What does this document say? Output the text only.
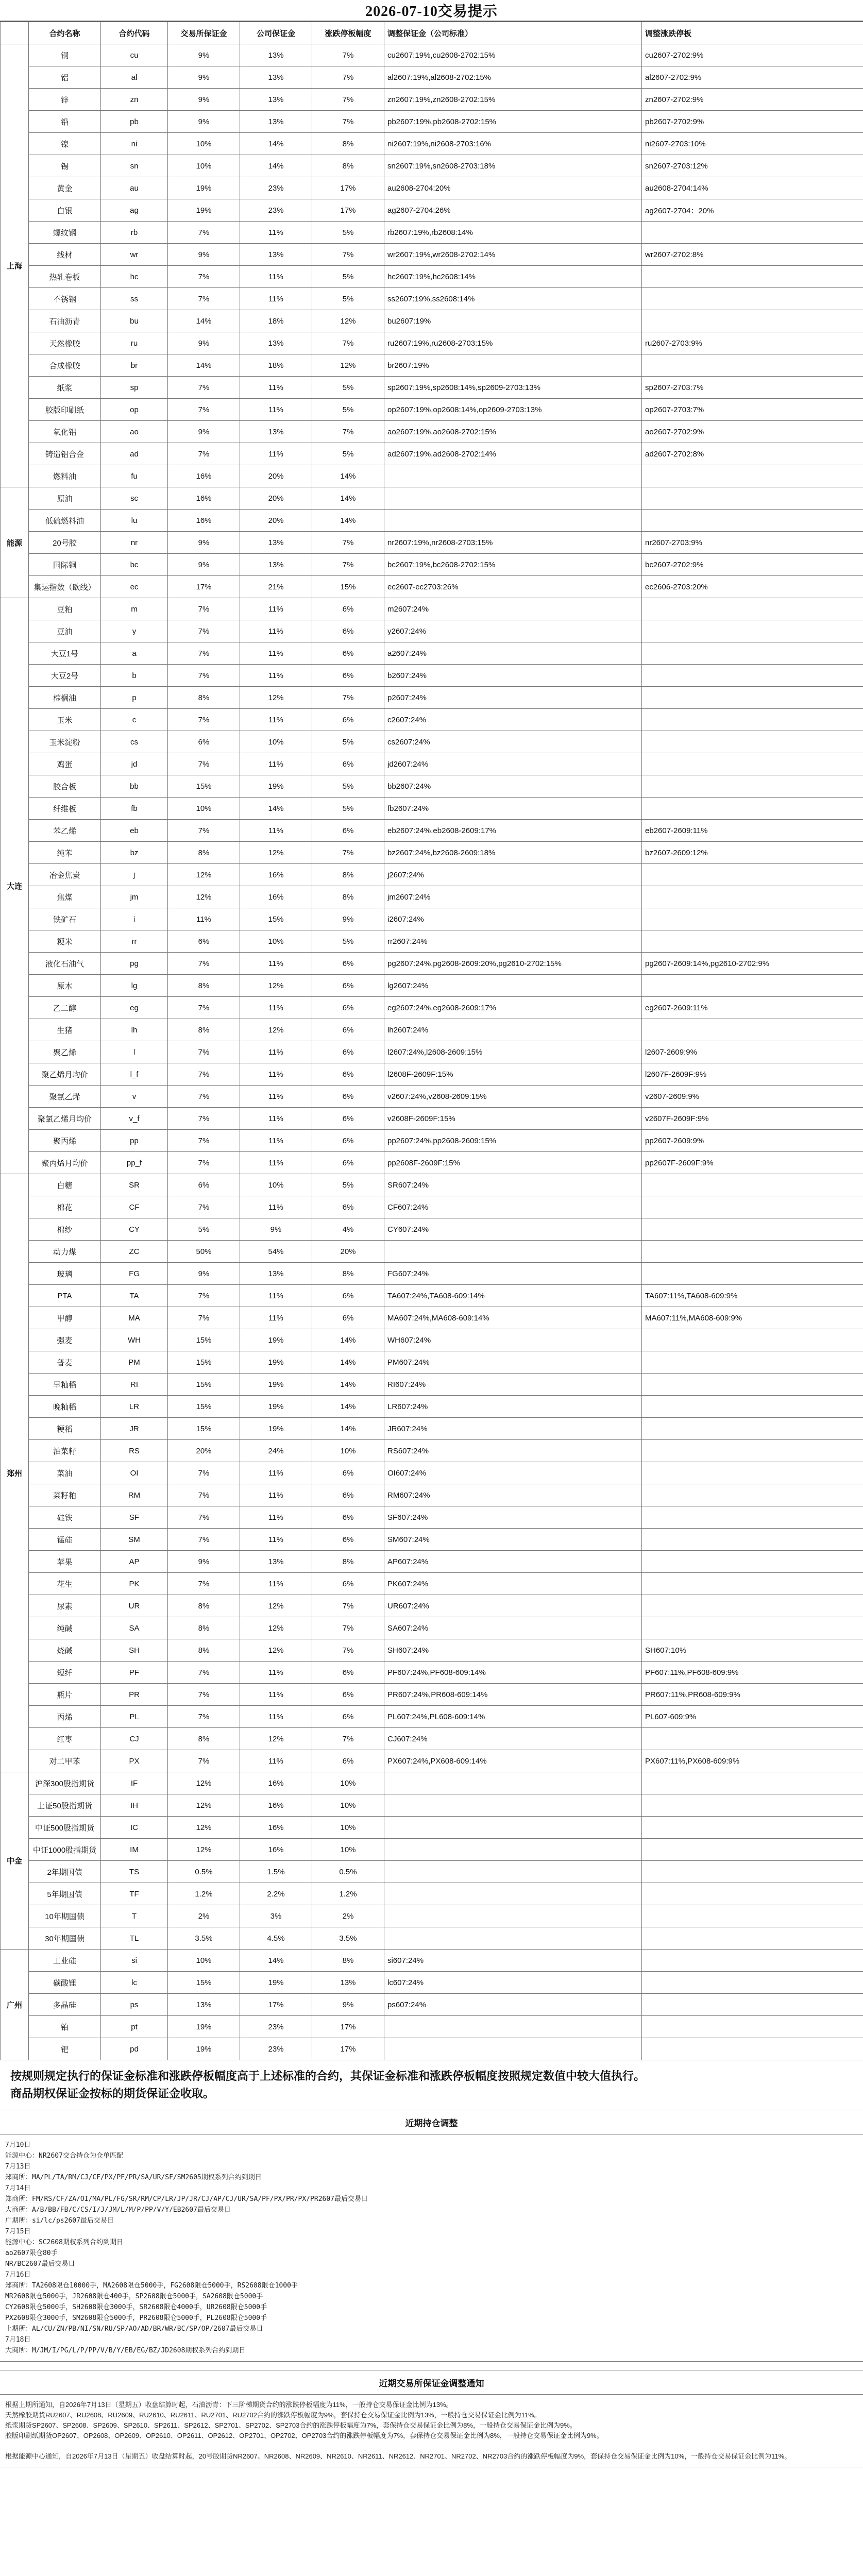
2026-07-10交易提示
	合约名称	合约代码	交易所保证金	公司保证金	涨跌停板幅度	调整保证金（公司标准）	调整涨跌停板
上海	铜	cu	9%	13%	7%	cu2607:19%,cu2608-2702:15%	cu2607-2702:9%
	铝	al	9%	13%	7%	al2607:19%,al2608-2702:15%	al2607-2702:9%
	锌	zn	9%	13%	7%	zn2607:19%,zn2608-2702:15%	zn2607-2702:9%
	铅	pb	9%	13%	7%	pb2607:19%,pb2608-2702:15%	pb2607-2702:9%
	镍	ni	10%	14%	8%	ni2607:19%,ni2608-2703:16%	ni2607-2703:10%
	锡	sn	10%	14%	8%	sn2607:19%,sn2608-2703:18%	sn2607-2703:12%
	黄金	au	19%	23%	17%	au2608-2704:20%	au2608-2704:14%
	白银	ag	19%	23%	17%	ag2607-2704:26%	ag2607-2704：20%
	螺纹钢	rb	7%	11%	5%	rb2607:19%,rb2608:14%	
	线材	wr	9%	13%	7%	wr2607:19%,wr2608-2702:14%	wr2607-2702:8%
	热轧卷板	hc	7%	11%	5%	hc2607:19%,hc2608:14%	
	不锈钢	ss	7%	11%	5%	ss2607:19%,ss2608:14%	
	石油沥青	bu	14%	18%	12%	bu2607:19%	
	天然橡胶	ru	9%	13%	7%	ru2607:19%,ru2608-2703:15%	ru2607-2703:9%
	合成橡胶	br	14%	18%	12%	br2607:19%	
	纸浆	sp	7%	11%	5%	sp2607:19%,sp2608:14%,sp2609-2703:13%	sp2607-2703:7%
	胶版印刷纸	op	7%	11%	5%	op2607:19%,op2608:14%,op2609-2703:13%	op2607-2703:7%
	氧化铝	ao	9%	13%	7%	ao2607:19%,ao2608-2702:15%	ao2607-2702:9%
	铸造铝合金	ad	7%	11%	5%	ad2607:19%,ad2608-2702:14%	ad2607-2702:8%
	燃料油	fu	16%	20%	14%		
能源	原油	sc	16%	20%	14%		
	低硫燃料油	lu	16%	20%	14%		
	20号胶	nr	9%	13%	7%	nr2607:19%,nr2608-2703:15%	nr2607-2703:9%
	国际铜	bc	9%	13%	7%	bc2607:19%,bc2608-2702:15%	bc2607-2702:9%
	集运指数（欧线）	ec	17%	21%	15%	ec2607-ec2703:26%	ec2606-2703:20%
大连	豆粕	m	7%	11%	6%	m2607:24%	
	豆油	y	7%	11%	6%	y2607:24%	
	大豆1号	a	7%	11%	6%	a2607:24%	
	大豆2号	b	7%	11%	6%	b2607:24%	
	棕榈油	p	8%	12%	7%	p2607:24%	
	玉米	c	7%	11%	6%	c2607:24%	
	玉米淀粉	cs	6%	10%	5%	cs2607:24%	
	鸡蛋	jd	7%	11%	6%	jd2607:24%	
	胶合板	bb	15%	19%	5%	bb2607:24%	
	纤维板	fb	10%	14%	5%	fb2607:24%	
	苯乙烯	eb	7%	11%	6%	eb2607:24%,eb2608-2609:17%	eb2607-2609:11%
	纯苯	bz	8%	12%	7%	bz2607:24%,bz2608-2609:18%	bz2607-2609:12%
	冶金焦炭	j	12%	16%	8%	j2607:24%	
	焦煤	jm	12%	16%	8%	jm2607:24%	
	铁矿石	i	11%	15%	9%	i2607:24%	
	粳米	rr	6%	10%	5%	rr2607:24%	
	液化石油气	pg	7%	11%	6%	pg2607:24%,pg2608-2609:20%,pg2610-2702:15%	pg2607-2609:14%,pg2610-2702:9%
	原木	lg	8%	12%	6%	lg2607:24%	
	乙二醇	eg	7%	11%	6%	eg2607:24%,eg2608-2609:17%	eg2607-2609:11%
	生猪	lh	8%	12%	6%	lh2607:24%	
	聚乙烯	l	7%	11%	6%	l2607:24%,l2608-2609:15%	l2607-2609:9%
	聚乙烯月均价	l_f	7%	11%	6%	l2608F-2609F:15%	l2607F-2609F:9%
	聚氯乙烯	v	7%	11%	6%	v2607:24%,v2608-2609:15%	v2607-2609:9%
	聚氯乙烯月均价	v_f	7%	11%	6%	v2608F-2609F:15%	v2607F-2609F:9%
	聚丙烯	pp	7%	11%	6%	pp2607:24%,pp2608-2609:15%	pp2607-2609:9%
	聚丙烯月均价	pp_f	7%	11%	6%	pp2608F-2609F:15%	pp2607F-2609F:9%
郑州	白糖	SR	6%	10%	5%	SR607:24%	
	棉花	CF	7%	11%	6%	CF607:24%	
	棉纱	CY	5%	9%	4%	CY607:24%	
	动力煤	ZC	50%	54%	20%		
	玻璃	FG	9%	13%	8%	FG607:24%	
	PTA	TA	7%	11%	6%	TA607:24%,TA608-609:14%	TA607:11%,TA608-609:9%
	甲醇	MA	7%	11%	6%	MA607:24%,MA608-609:14%	MA607:11%,MA608-609:9%
	强麦	WH	15%	19%	14%	WH607:24%	
	普麦	PM	15%	19%	14%	PM607:24%	
	早籼稻	RI	15%	19%	14%	RI607:24%	
	晚籼稻	LR	15%	19%	14%	LR607:24%	
	粳稻	JR	15%	19%	14%	JR607:24%	
	油菜籽	RS	20%	24%	10%	RS607:24%	
	菜油	OI	7%	11%	6%	OI607:24%	
	菜籽粕	RM	7%	11%	6%	RM607:24%	
	硅铁	SF	7%	11%	6%	SF607:24%	
	锰硅	SM	7%	11%	6%	SM607:24%	
	苹果	AP	9%	13%	8%	AP607:24%	
	花生	PK	7%	11%	6%	PK607:24%	
	尿素	UR	8%	12%	7%	UR607:24%	
	纯碱	SA	8%	12%	7%	SA607:24%	
	烧碱	SH	8%	12%	7%	SH607:24%	SH607:10%
	短纤	PF	7%	11%	6%	PF607:24%,PF608-609:14%	PF607:11%,PF608-609:9%
	瓶片	PR	7%	11%	6%	PR607:24%,PR608-609:14%	PR607:11%,PR608-609:9%
	丙烯	PL	7%	11%	6%	PL607:24%,PL608-609:14%	PL607-609:9%
	红枣	CJ	8%	12%	7%	CJ607:24%	
	对二甲苯	PX	7%	11%	6%	PX607:24%,PX608-609:14%	PX607:11%,PX608-609:9%
中金	沪深300股指期货	IF	12%	16%	10%		
	上证50股指期货	IH	12%	16%	10%		
	中证500股指期货	IC	12%	16%	10%		
	中证1000股指期货	IM	12%	16%	10%		
	2年期国债	TS	0.5%	1.5%	0.5%		
	5年期国债	TF	1.2%	2.2%	1.2%		
	10年期国债	T	2%	3%	2%		
	30年期国债	TL	3.5%	4.5%	3.5%		
广州	工业硅	si	10%	14%	8%	si607:24%	
	碳酸锂	lc	15%	19%	13%	lc607:24%	
	多晶硅	ps	13%	17%	9%	ps607:24%	
	铂	pt	19%	23%	17%		
	钯	pd	19%	23%	17%		
按规则规定执行的保证金标准和涨跌停板幅度高于上述标准的合约，其保证金标准和涨跌停板幅度按照规定数值中较大值执行。
商品期权保证金按标的期货保证金收取。
近期持仓调整
7月10日
能源中心：NR2607交合持仓为仓单匹配
7月13日
郑商所：MA/PL/TA/RM/CJ/CF/PX/PF/PR/SA/UR/SF/SM2605期权系列合约到期日
7月14日
郑商所：FM/RS/CF/ZA/OI/MA/PL/FG/SR/RM/CP/LR/JP/JR/CJ/AP/CJ/UR/SA/PF/PX/PR/PX/PR2607最后交易日
大商所：A/B/BB/FB/C/CS/I/J/JM/L/M/P/PP/V/Y/EB2607最后交易日
广期所：si/lc/ps2607最后交易日
7月15日
能源中心：SC2608期权系列合约到期日
ao2607限仓80手
NR/BC2607最后交易日
7月16日
郑商所：TA2608限仓10000手，MA2608限仓5000手，FG2608限仓5000手，RS2608限仓1000手
MR2608限仓5000手，JR2608限仓400手，SP2608限仓5000手，SA2608限仓5000手
CY2608限仓5000手，SH2608限仓3000手，SR2608限仓4000手，UR2608限仓5000手
PX2608限仓3000手，SM2608限仓5000手，PR2608限仓5000手，PL2608限仓5000手
上期所：AL/CU/ZN/PB/NI/SN/RU/SP/AO/AD/BR/WR/BC/SP/OP/2607最后交易日
7月18日
大商所：M/JM/I/PG/L/P/PP/V/B/Y/EB/EG/BZ/JD2608期权系列合约到期日
近期交易所保证金调整通知
根据上期所通知，自2026年7月13日（星期五）收盘结算时起，石油沥青：下三阶梯期货合约的涨跌停板幅度为11%，一般持仓交易保证金比例为13%。
天然橡胶期货RU2607、RU2608、RU2609、RU2610、RU2611、RU2701、RU2702合约的涨跌停板幅度为9%，套保持仓交易保证金比例为13%，一般持仓交易保证金比例为11%。
纸浆期货SP2607、SP2608、SP2609、SP2610、SP2611、SP2612、SP2701、SP2702、SP2703合约的涨跌停板幅度为7%，套保持仓交易保证金比例为8%，一般持仓交易保证金比例为9%。
胶版印刷纸期货OP2607、OP2608、OP2609、OP2610、OP2611、OP2612、OP2701、OP2702、OP2703合约的涨跌停板幅度为7%，套保持仓交易保证金比例为8%，一般持仓交易保证金比例为9%。

根据能源中心通知，自2026年7月13日（星期五）收盘结算时起，20号胶期货NR2607、NR2608、NR2609、NR2610、NR2611、NR2612、NR2701、NR2702、NR2703合约的涨跌停板幅度为9%，套保持仓交易保证金比例为10%，一般持仓交易保证金比例为11%。
